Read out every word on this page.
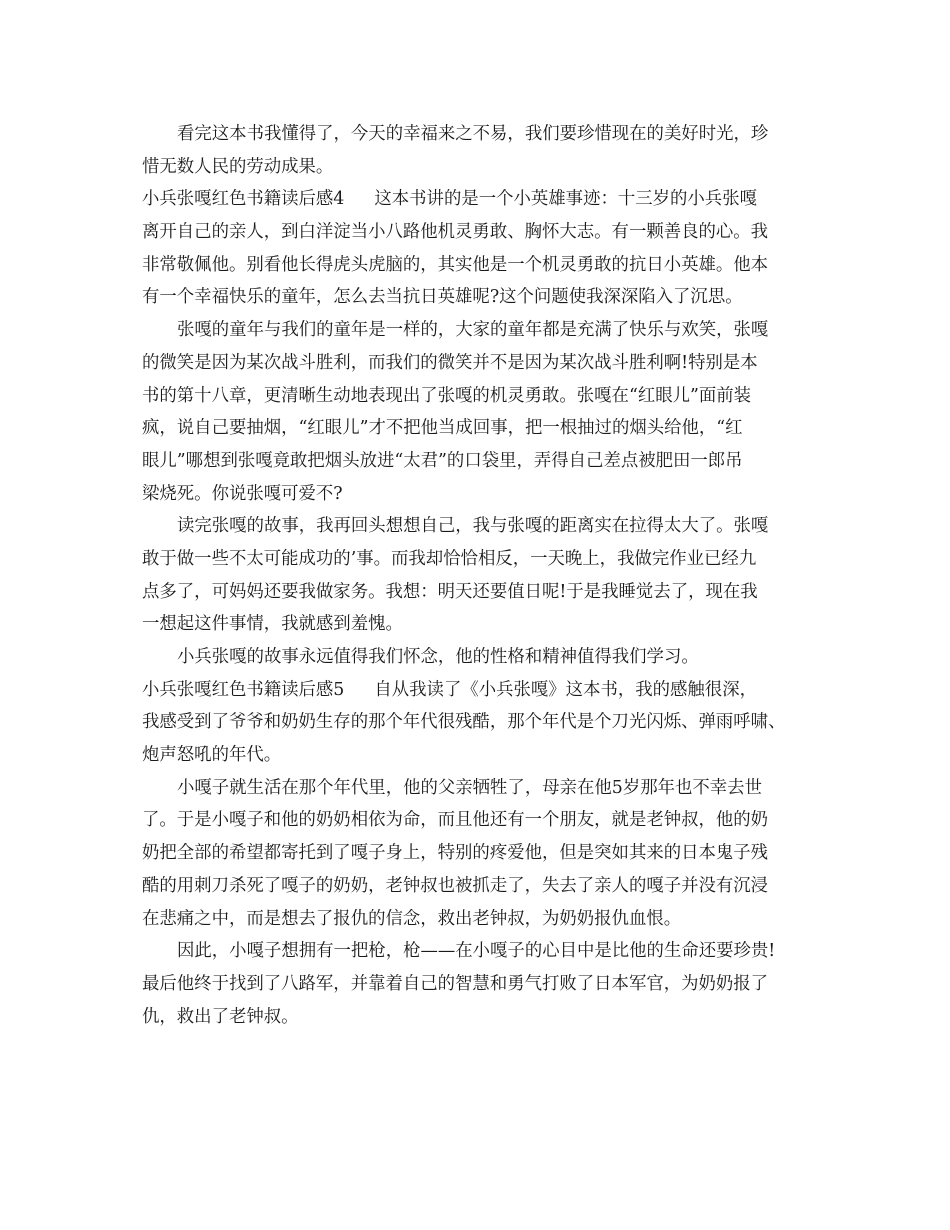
看完这本书我懂得了，今天的幸福来之不易，我们要珍惜现在的美好时光，珍
惜无数人民的劳动成果。
小兵张嘎红色书籍读后感4 这本书讲的是一个小英雄事迹：十三岁的小兵张嘎
离开自己的亲人，到白洋淀当小八路他机灵勇敢、胸怀大志。有一颗善良的心。我
非常敬佩他。别看他长得虎头虎脑的，其实他是一个机灵勇敢的抗日小英雄。他本
有一个幸福快乐的童年，怎么去当抗日英雄呢?这个问题使我深深陷入了沉思。
张嘎的童年与我们的童年是一样的，大家的童年都是充满了快乐与欢笑，张嘎
的微笑是因为某次战斗胜利，而我们的微笑并不是因为某次战斗胜利啊!特别是本
书的第十八章，更清晰生动地表现出了张嘎的机灵勇敢。张嘎在“红眼儿”面前装
疯，说自己要抽烟，“红眼儿”才不把他当成回事，把一根抽过的烟头给他，“红
眼儿”哪想到张嘎竟敢把烟头放进“太君”的口袋里，弄得自己差点被肥田一郎吊
梁烧死。你说张嘎可爱不?
读完张嘎的故事，我再回头想想自己，我与张嘎的距离实在拉得太大了。张嘎
敢于做一些不太可能成功的’事。而我却恰恰相反，一天晚上，我做完作业已经九
点多了，可妈妈还要我做家务。我想：明天还要值日呢!于是我睡觉去了，现在我
一想起这件事情，我就感到羞愧。
小兵张嘎的故事永远值得我们怀念，他的性格和精神值得我们学习。
小兵张嘎红色书籍读后感5 自从我读了《小兵张嘎》这本书，我的感触很深，
我感受到了爷爷和奶奶生存的那个年代很残酷，那个年代是个刀光闪烁、弹雨呼啸、
炮声怒吼的年代。
小嘎子就生活在那个年代里，他的父亲牺牲了，母亲在他5岁那年也不幸去世
了。于是小嘎子和他的奶奶相依为命，而且他还有一个朋友，就是老钟叔，他的奶
奶把全部的希望都寄托到了嘎子身上，特别的疼爱他，但是突如其来的日本鬼子残
酷的用刺刀杀死了嘎子的奶奶，老钟叔也被抓走了，失去了亲人的嘎子并没有沉浸
在悲痛之中，而是想去了报仇的信念，救出老钟叔，为奶奶报仇血恨。
因此，小嘎子想拥有一把枪，枪——在小嘎子的心目中是比他的生命还要珍贵!
最后他终于找到了八路军，并靠着自己的智慧和勇气打败了日本军官，为奶奶报了
仇，救出了老钟叔。
